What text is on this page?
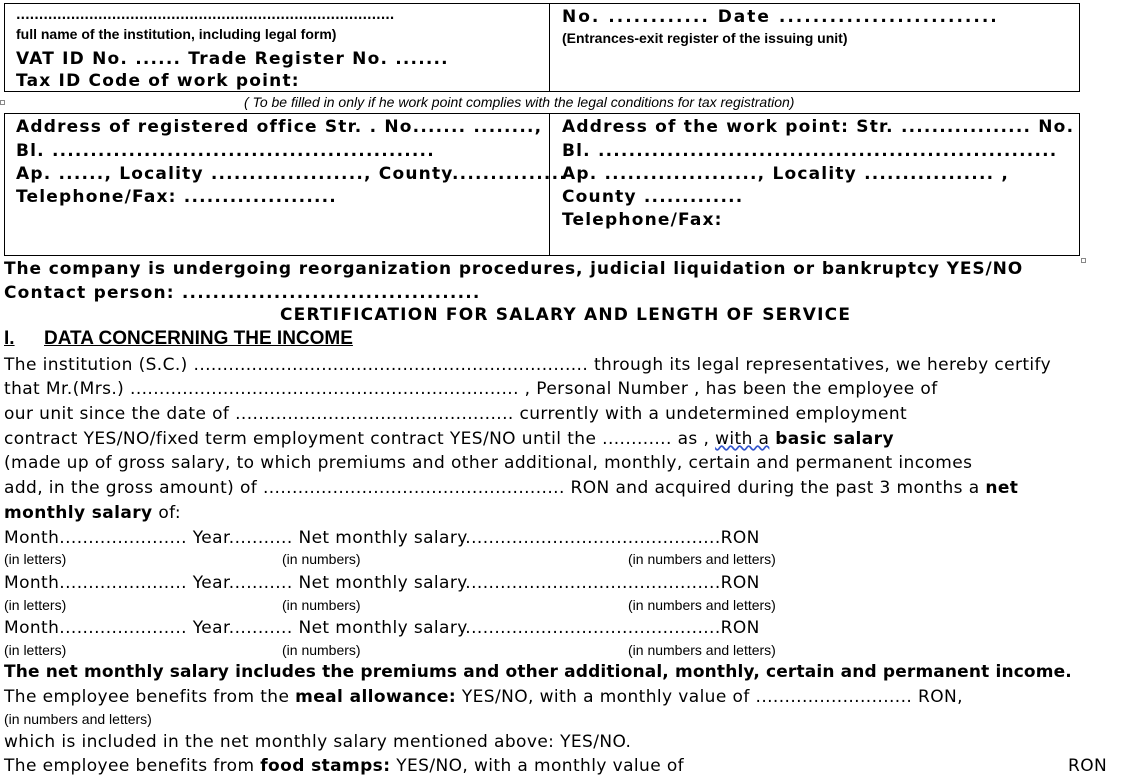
...................................................................................
full name of the institution, including legal form)
VAT ID No. ...... Trade Register No. .......
Tax ID Code of work point:
No. ............ Date ..........................
(Entrances-exit register of the issuing unit)
( To be filled in only if he work point complies with the legal conditions for tax registration)
Address of registered office Str. . No....... ........,
Bl. ..................................................
Ap. ......, Locality ...................., County...............
Telephone/Fax: ....................
Address of the work point: Str. ................. No.
Bl. ............................................................
Ap. ...................., Locality ................. ,
County .............
Telephone/Fax:
The company is undergoing reorganization procedures, judicial liquidation or bankruptcy YES/NO
Contact person: .......................................
CERTIFICATION FOR SALARY AND LENGTH OF SERVICE
I. DATA CONCERNING THE INCOME
The institution (S.C.) .................................................................... through its legal representatives, we hereby certify
that Mr.(Mrs.) ................................................................... , Personal Number , has been the employee of
our unit since the date of ................................................ currently with a undetermined employment
contract YES/NO/fixed term employment contract YES/NO until the ............ as , with a basic salary
(made up of gross salary, to which premiums and other additional, monthly, certain and permanent incomes
add, in the gross amount) of .................................................... RON and acquired during the past 3 months a net
monthly salary of:
Month...................... Year........... Net monthly salary............................................RON
(in letters)	(in numbers)	(in numbers and letters)
Month...................... Year........... Net monthly salary............................................RON
(in letters)	(in numbers)	(in numbers and letters)
Month...................... Year........... Net monthly salary............................................RON
(in letters)	(in numbers)	(in numbers and letters)
The net monthly salary includes the premiums and other additional, monthly, certain and permanent income.
The employee benefits from the meal allowance: YES/NO, with a monthly value of ........................... RON,
(in numbers and letters)
which is included in the net monthly salary mentioned above: YES/NO.
The employee benefits from food stamps: YES/NO, with a monthly value of	RON
